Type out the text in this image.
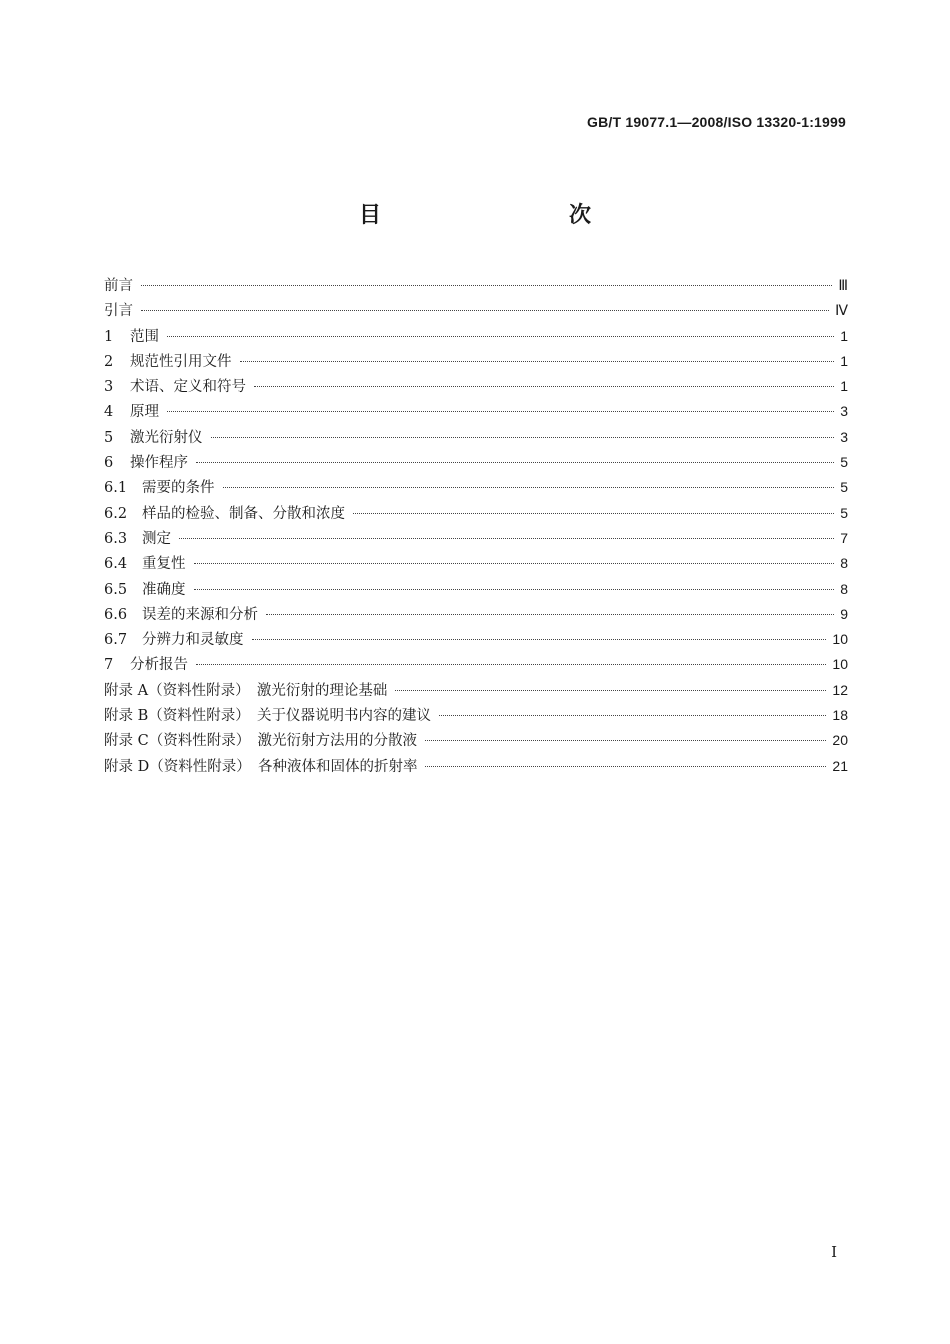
GB/T 19077.1—2008/ISO 13320-1:1999
目　　次
前言	Ⅲ
引言	Ⅳ
1 范围	1
2 规范性引用文件	1
3 术语、定义和符号	1
4 原理	3
5 激光衍射仪	3
6 操作程序	5
6.1 需要的条件	5
6.2 样品的检验、制备、分散和浓度	5
6.3 测定	7
6.4 重复性	8
6.5 准确度	8
6.6 误差的来源和分析	9
6.7 分辨力和灵敏度	10
7 分析报告	10
附录 A（资料性附录）　激光衍射的理论基础	12
附录 B（资料性附录）　关于仪器说明书内容的建议	18
附录 C（资料性附录）　激光衍射方法用的分散液	20
附录 D（资料性附录）　各种液体和固体的折射率	21
I
